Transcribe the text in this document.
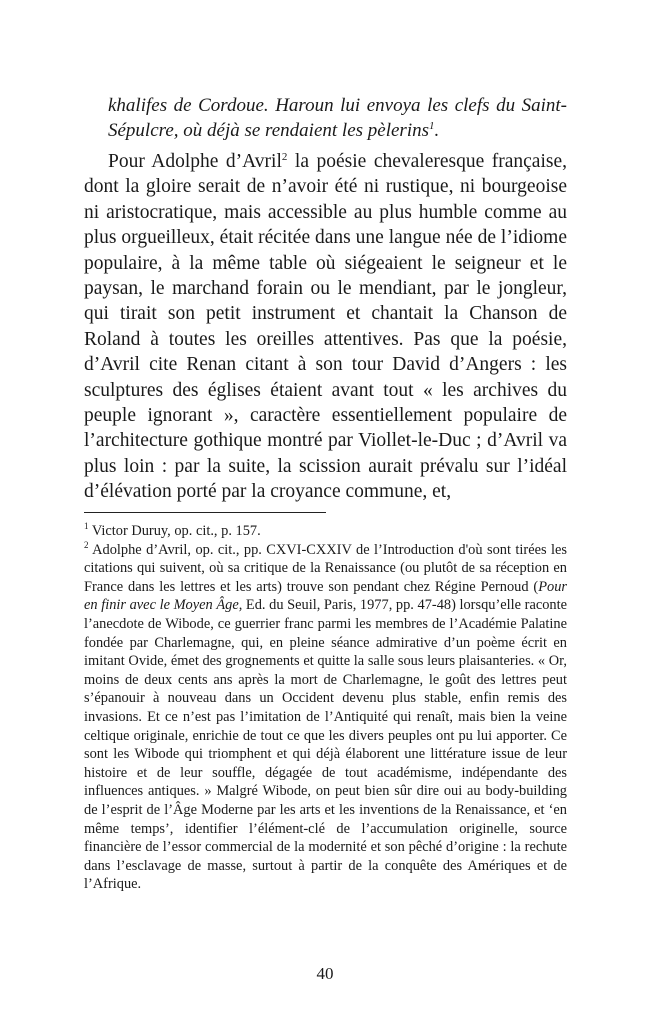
khalifes de Cordoue. Haroun lui envoya les clefs du Saint-Sépulcre, où déjà se rendaient les pèlerins$^1$.

Pour Adolphe d’Avril$^2$ la poésie chevaleresque française, dont la gloire serait de n’avoir été ni rustique, ni bourgeoise ni aristocratique, mais accessible au plus humble comme au plus orgueilleux, était récitée dans une langue née de l’idiome populaire, à la même table où siégeaient le seigneur et le paysan, le marchand forain ou le mendiant, par le jongleur, qui tirait son petit instrument et chantait la Chanson de Roland à toutes les oreilles attentives. Pas que la poésie, d’Avril cite Renan citant à son tour David d’Angers : les sculptures des églises étaient avant tout « les archives du peuple ignorant », caractère essentiellement populaire de l’architecture gothique montré par Viollet-le-Duc ; d’Avril va plus loin : par la suite, la scission aurait prévalu sur l’idéal d’élévation porté par la croyance commune, et,

$^1$ Victor Duruy, op. cit., p. 157.

$^2$ Adolphe d’Avril, op. cit., pp. CXVI-CXXIV de l’Introduction d'où sont tirées les citations qui suivent, où sa critique de la Renaissance (ou plutôt de sa réception en France dans les lettres et les arts) trouve son pendant chez Régine Pernoud (Pour en finir avec le Moyen Âge, Ed. du Seuil, Paris, 1977, pp. 47-48) lorsqu’elle raconte l’anecdote de Wibode, ce guerrier franc parmi les membres de l’Académie Palatine fondée par Charlemagne, qui, en pleine séance admirative d’un poème écrit en imitant Ovide, émet des grognements et quitte la salle sous leurs plaisanteries. « Or, moins de deux cents ans après la mort de Charlemagne, le goût des lettres peut s’épanouir à nouveau dans un Occident devenu plus stable, enfin remis des invasions. Et ce n’est pas l’imitation de l’Antiquité qui renaît, mais bien la veine celtique originale, enrichie de tout ce que les divers peuples ont pu lui apporter. Ce sont les Wibode qui triomphent et qui déjà élaborent une littérature issue de leur histoire et de leur souffle, dégagée de tout académisme, indépendante des influences antiques. » Malgré Wibode, on peut bien sûr dire oui au body-building de l’esprit de l’Âge Moderne par les arts et les inventions de la Renaissance, et ‘en même temps’, identifier l’élément-clé de l’accumulation originelle, source financière de l’essor commercial de la modernité et son pêché d’origine : la rechute dans l’esclavage de masse, surtout à partir de la conquête des Amériques et de l’Afrique.

40
